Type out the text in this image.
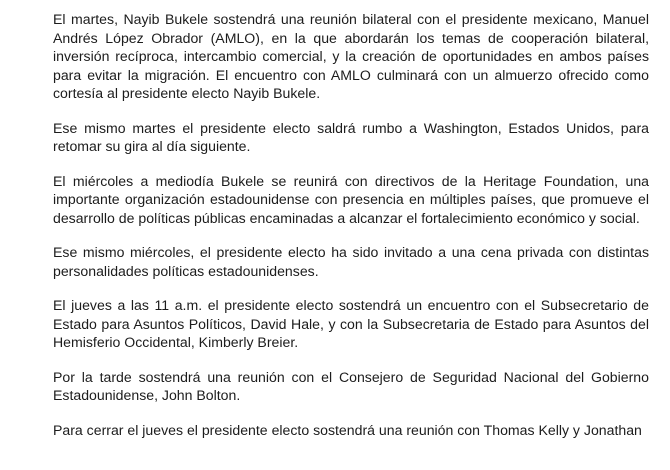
El martes, Nayib Bukele sostendrá una reunión bilateral con el presidente mexicano, Manuel Andrés López Obrador (AMLO), en la que abordarán los temas de cooperación bilateral, inversión recíproca, intercambio comercial, y la creación de oportunidades en ambos países para evitar la migración. El encuentro con AMLO culminará con un almuerzo ofrecido como cortesía al presidente electo Nayib Bukele.

Ese mismo martes el presidente electo saldrá rumbo a Washington, Estados Unidos, para retomar su gira al día siguiente.

El miércoles a mediodía Bukele se reunirá con directivos de la Heritage Foundation, una importante organización estadounidense con presencia en múltiples países, que promueve el desarrollo de políticas públicas encaminadas a alcanzar el fortalecimiento económico y social.

Ese mismo miércoles, el presidente electo ha sido invitado a una cena privada con distintas personalidades políticas estadounidenses.

El jueves a las 11 a.m. el presidente electo sostendrá un encuentro con el Subsecretario de Estado para Asuntos Políticos, David Hale, y con la Subsecretaria de Estado para Asuntos del Hemisferio Occidental, Kimberly Breier.

Por la tarde sostendrá una reunión con el Consejero de Seguridad Nacional del Gobierno Estadounidense, John Bolton.

Para cerrar el jueves el presidente electo sostendrá una reunión con Thomas Kelly y Jonathan
